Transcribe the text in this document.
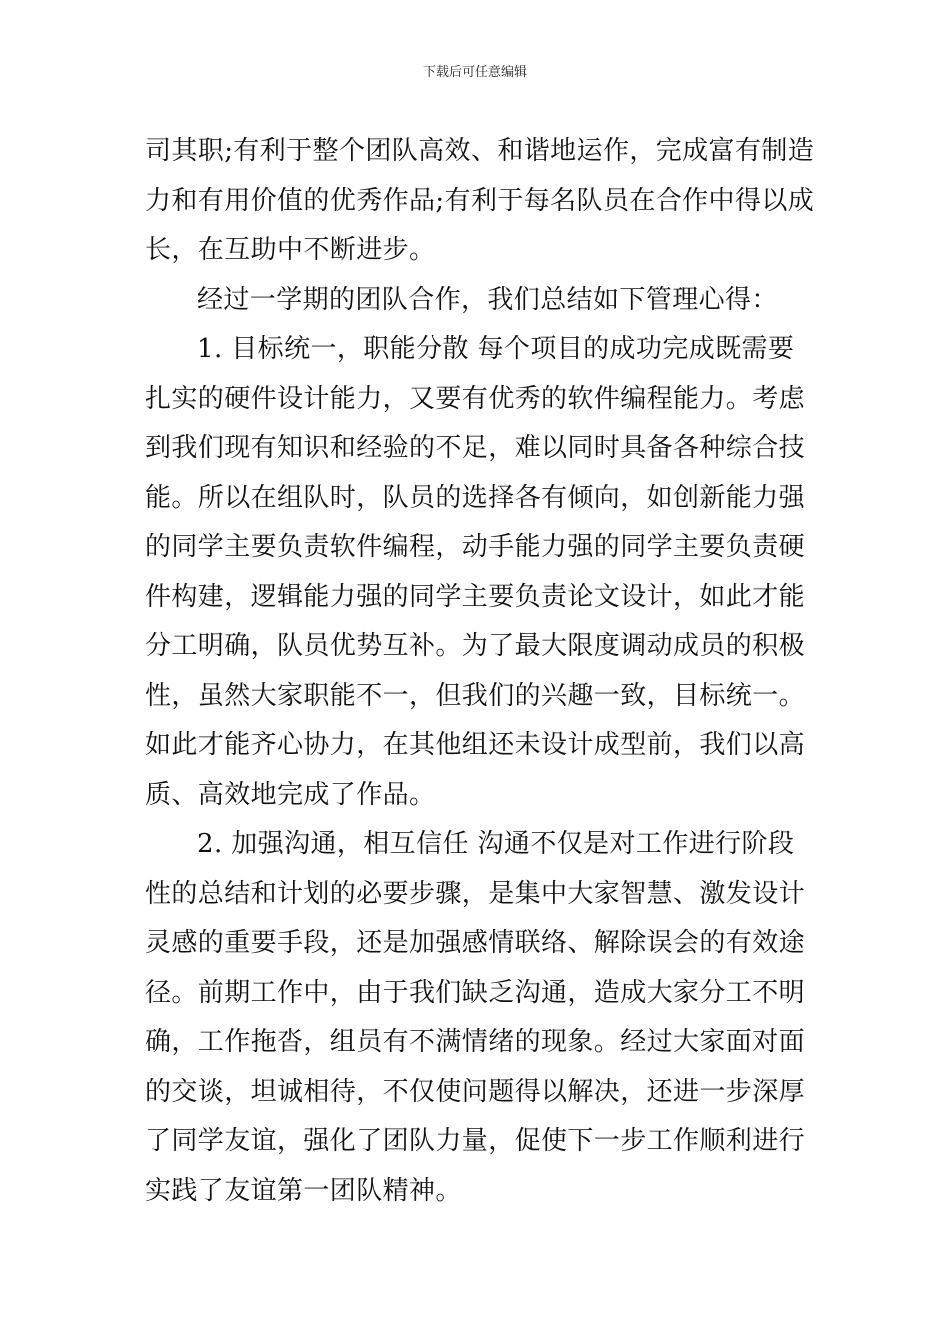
下载后可任意编辑
司其职;有利于整个团队高效、和谐地运作，完成富有制造
力和有用价值的优秀作品;有利于每名队员在合作中得以成
长，在互助中不断进步。
经过一学期的团队合作，我们总结如下管理心得：
1. 目标统一，职能分散 每个项目的成功完成既需要
扎实的硬件设计能力，又要有优秀的软件编程能力。考虑
到我们现有知识和经验的不足，难以同时具备各种综合技
能。所以在组队时，队员的选择各有倾向，如创新能力强
的同学主要负责软件编程，动手能力强的同学主要负责硬
件构建，逻辑能力强的同学主要负责论文设计，如此才能
分工明确，队员优势互补。为了最大限度调动成员的积极
性，虽然大家职能不一，但我们的兴趣一致，目标统一。
如此才能齐心协力，在其他组还未设计成型前，我们以高
质、高效地完成了作品。
2. 加强沟通，相互信任 沟通不仅是对工作进行阶段
性的总结和计划的必要步骤，是集中大家智慧、激发设计
灵感的重要手段，还是加强感情联络、解除误会的有效途
径。前期工作中，由于我们缺乏沟通，造成大家分工不明
确，工作拖沓，组员有不满情绪的现象。经过大家面对面
的交谈，坦诚相待，不仅使问题得以解决，还进一步深厚
了同学友谊，强化了团队力量，促使下一步工作顺利进行
实践了友谊第一团队精神。
